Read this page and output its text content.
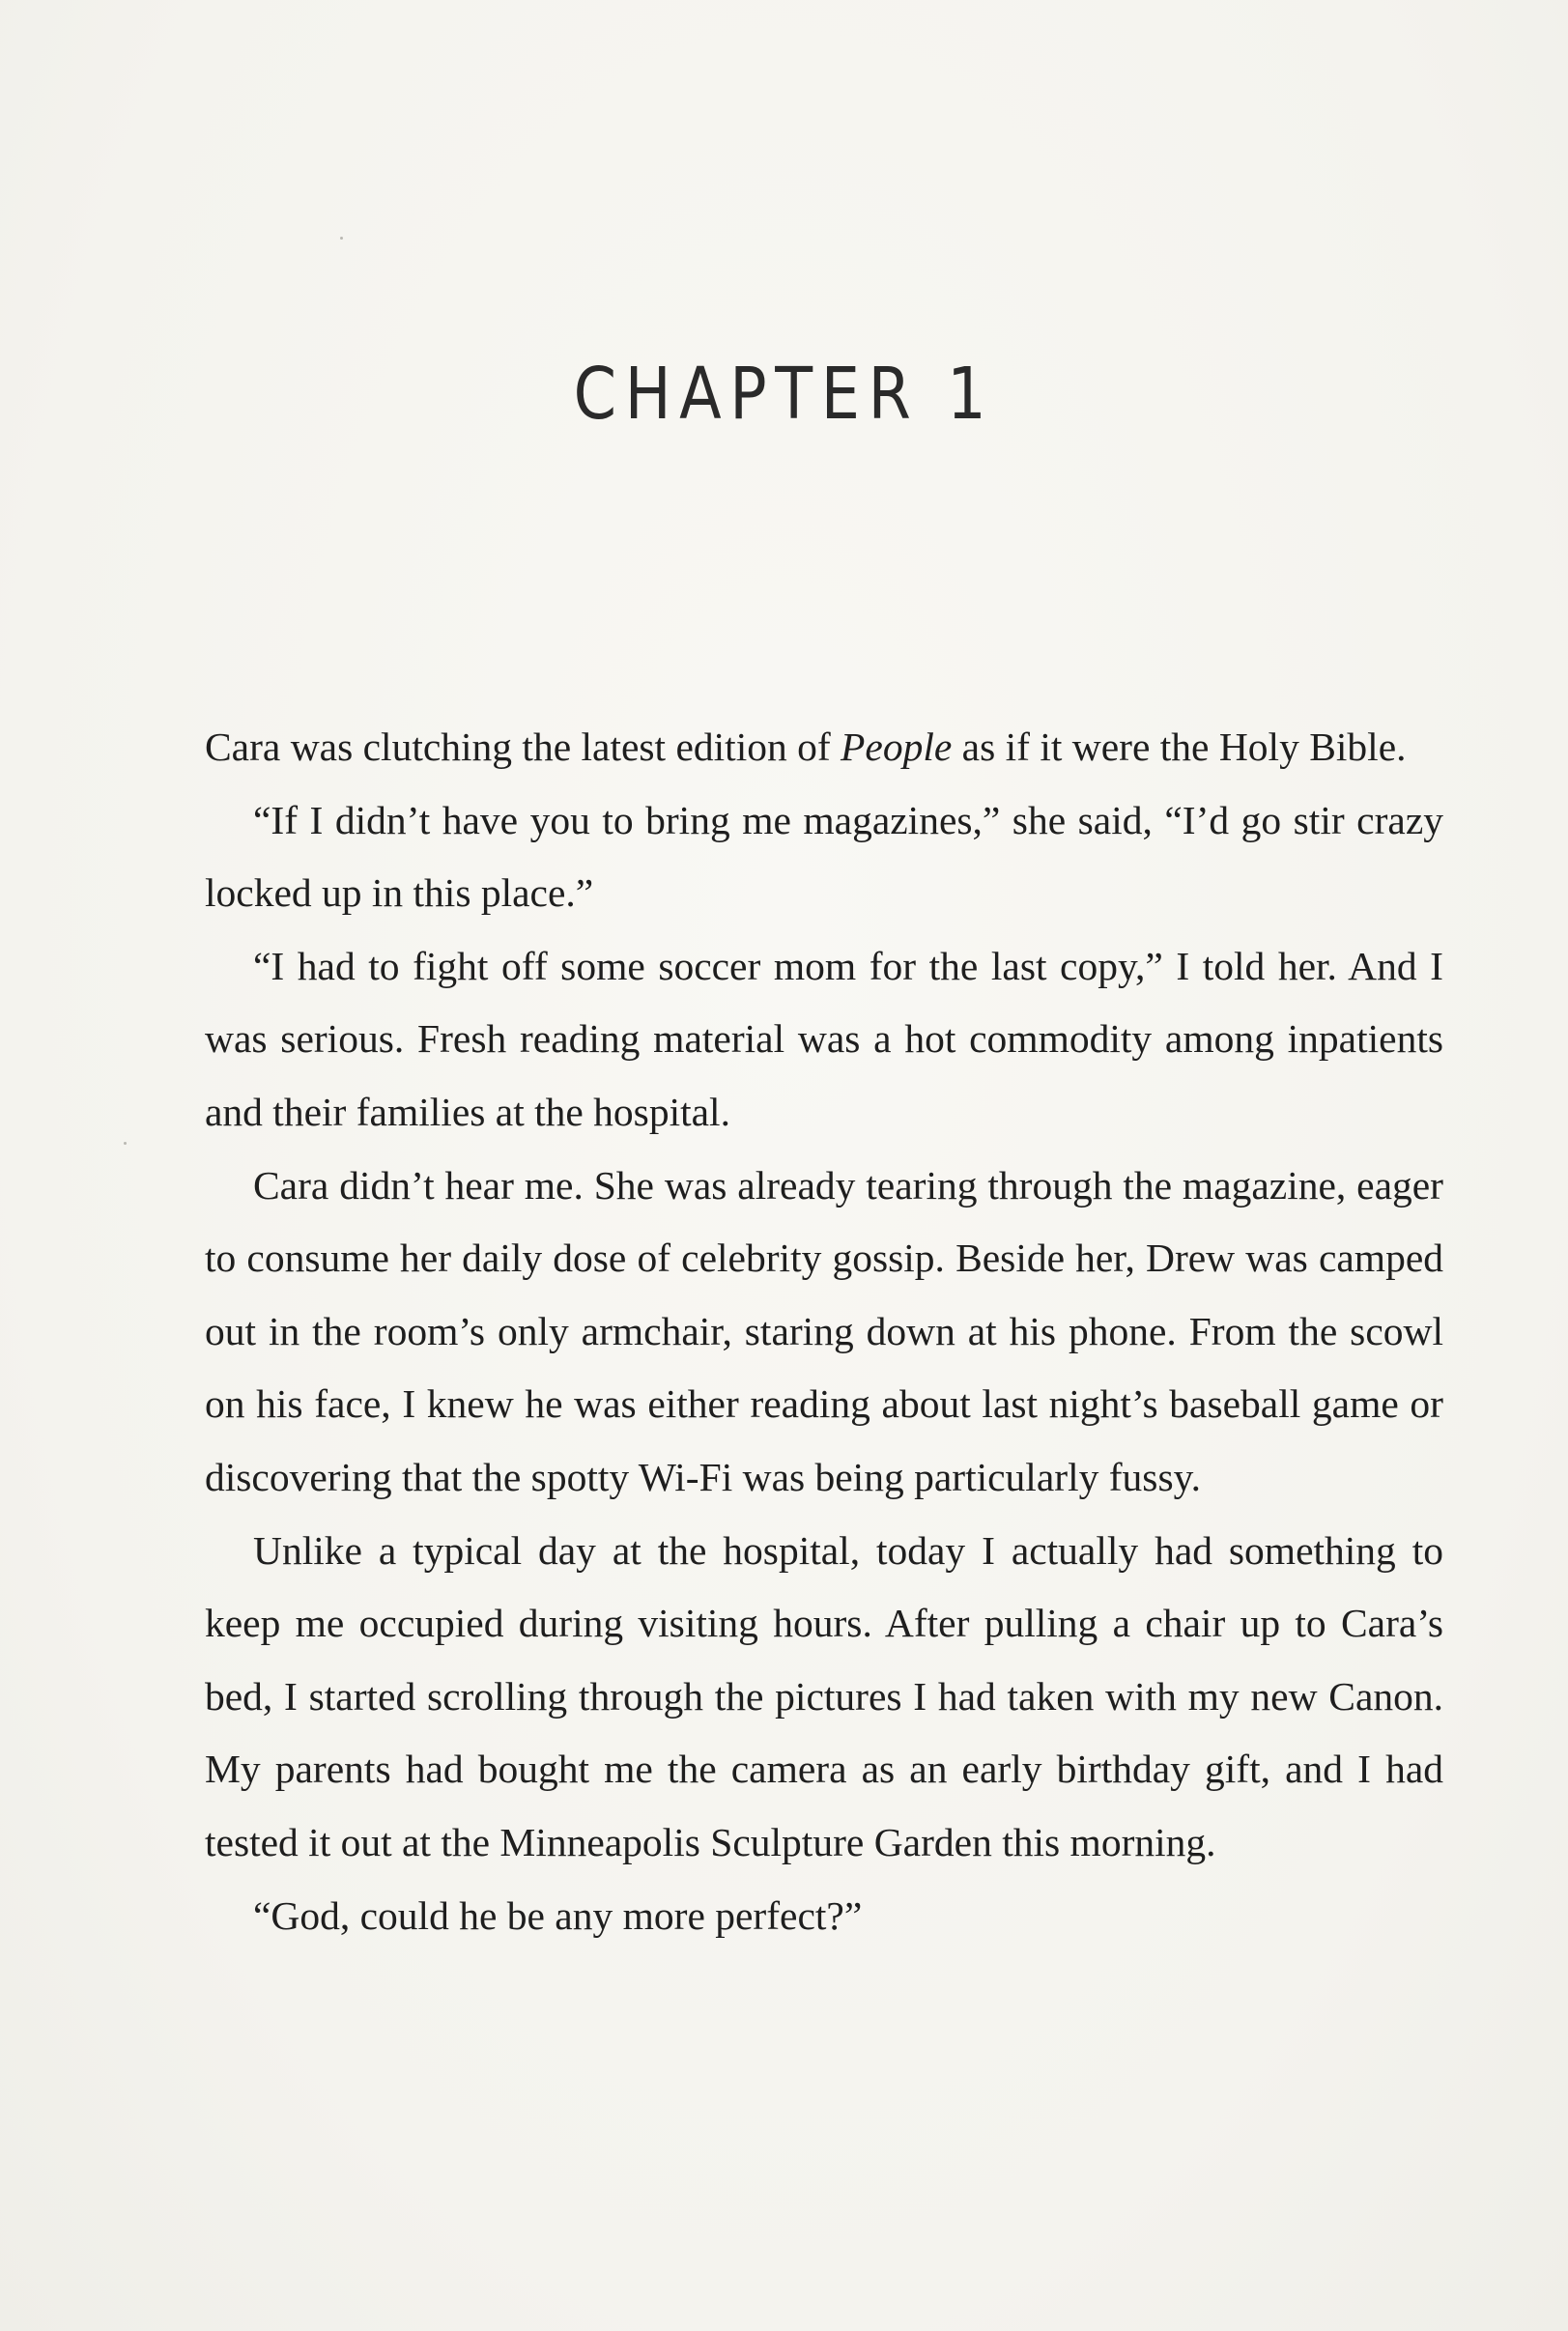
CHAPTER 1

Cara was clutching the latest edition of People as if it were the Holy Bible.

“If I didn’t have you to bring me magazines,” she said, “I’d go stir crazy locked up in this place.”

“I had to fight off some soccer mom for the last copy,” I told her. And I was serious. Fresh reading material was a hot commodity among inpatients and their families at the hospital.

Cara didn’t hear me. She was already tearing through the magazine, eager to consume her daily dose of celebrity gossip. Beside her, Drew was camped out in the room’s only armchair, staring down at his phone. From the scowl on his face, I knew he was either reading about last night’s baseball game or discovering that the spotty Wi-Fi was being particularly fussy.

Unlike a typical day at the hospital, today I actually had something to keep me occupied during visiting hours. After pulling a chair up to Cara’s bed, I started scrolling through the pictures I had taken with my new Canon. My parents had bought me the camera as an early birthday gift, and I had tested it out at the Minneapolis Sculpture Garden this morning.

“God, could he be any more perfect?”
